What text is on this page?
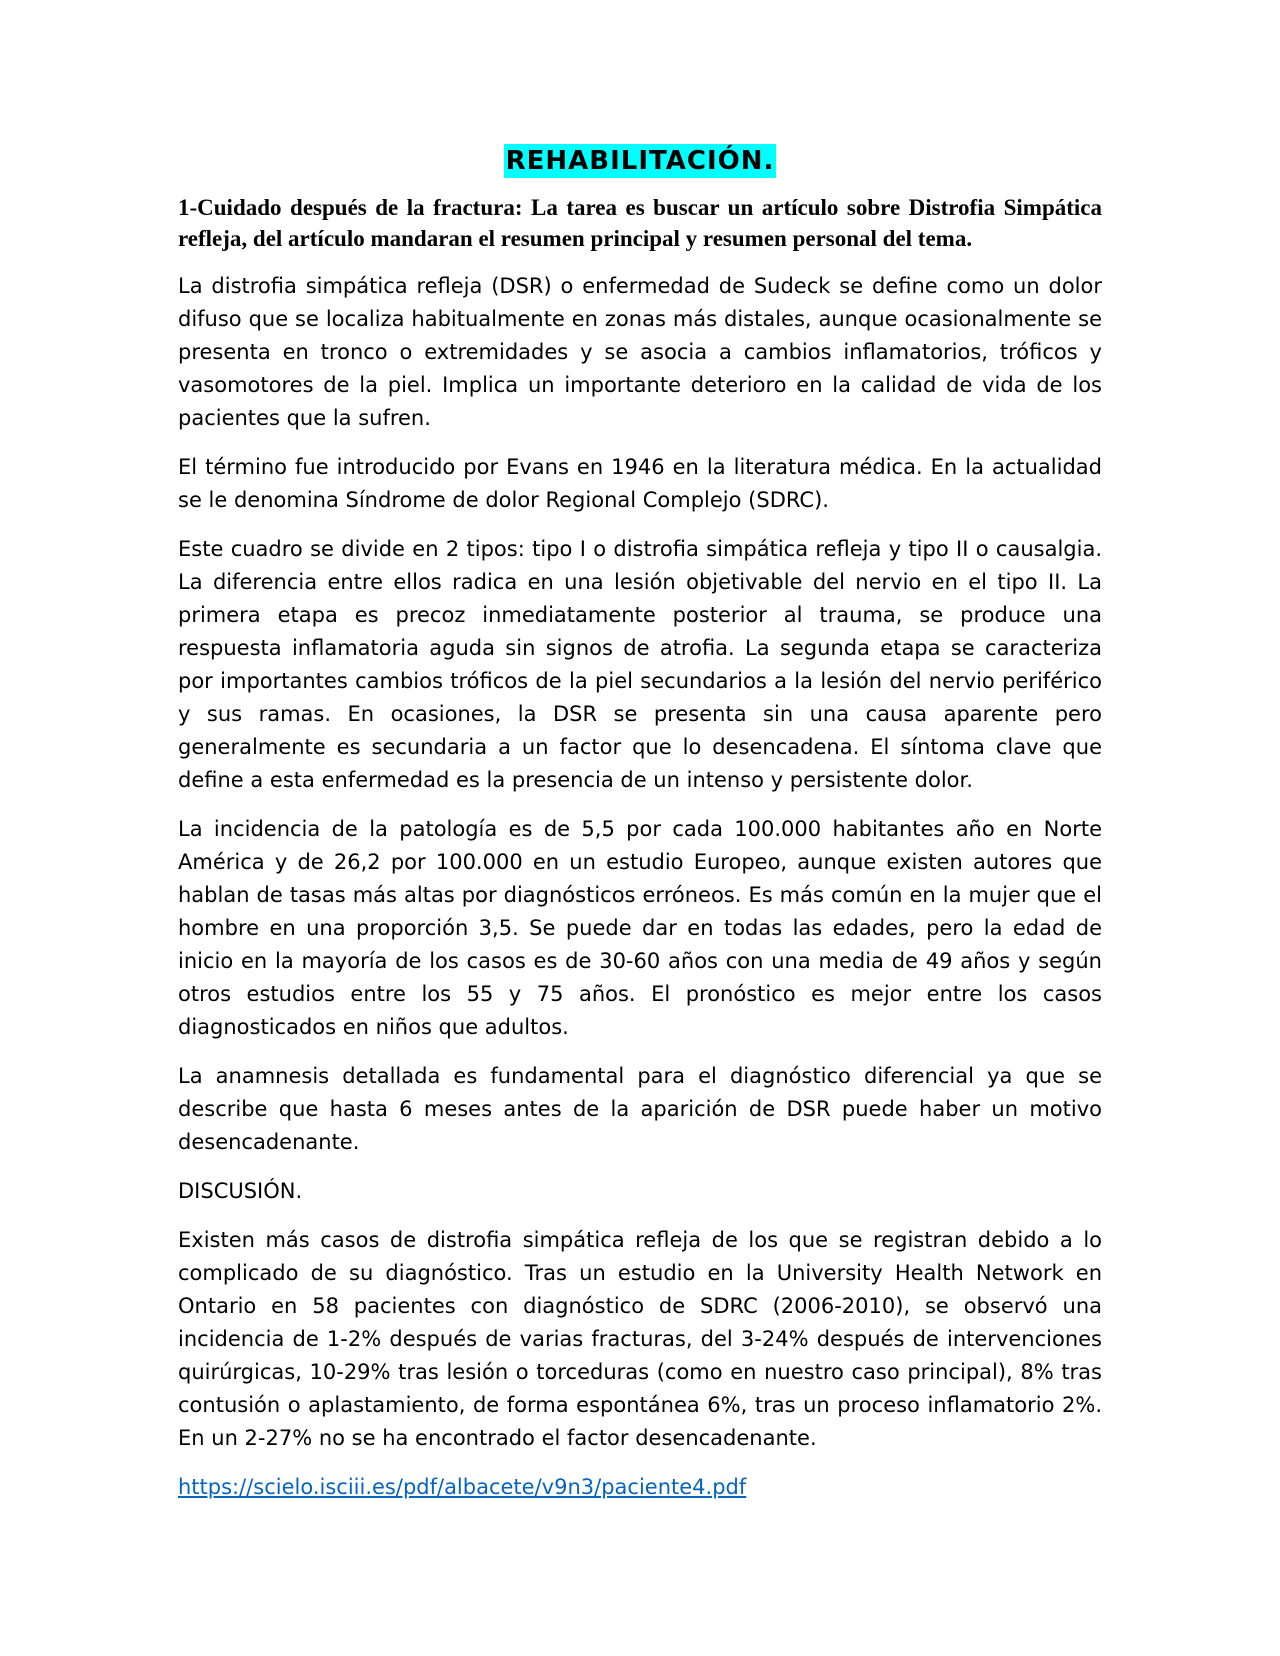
REHABILITACIÓN.

1-Cuidado después de la fractura: La tarea es buscar un artículo sobre Distrofia Simpática refleja, del artículo mandaran el resumen principal y resumen personal del tema.

La distrofia simpática refleja (DSR) o enfermedad de Sudeck se define como un dolor difuso que se localiza habitualmente en zonas más distales, aunque ocasionalmente se presenta en tronco o extremidades y se asocia a cambios inflamatorios, tróficos y vasomotores de la piel. Implica un importante deterioro en la calidad de vida de los pacientes que la sufren.

El término fue introducido por Evans en 1946 en la literatura médica. En la actualidad se le denomina Síndrome de dolor Regional Complejo (SDRC).

Este cuadro se divide en 2 tipos: tipo I o distrofia simpática refleja y tipo II o causalgia. La diferencia entre ellos radica en una lesión objetivable del nervio en el tipo II. La primera etapa es precoz inmediatamente posterior al trauma, se produce una respuesta inflamatoria aguda sin signos de atrofia. La segunda etapa se caracteriza por importantes cambios tróficos de la piel secundarios a la lesión del nervio periférico y sus ramas. En ocasiones, la DSR se presenta sin una causa aparente pero generalmente es secundaria a un factor que lo desencadena. El síntoma clave que define a esta enfermedad es la presencia de un intenso y persistente dolor.

La incidencia de la patología es de 5,5 por cada 100.000 habitantes año en Norte América y de 26,2 por 100.000 en un estudio Europeo, aunque existen autores que hablan de tasas más altas por diagnósticos erróneos. Es más común en la mujer que el hombre en una proporción 3,5. Se puede dar en todas las edades, pero la edad de inicio en la mayoría de los casos es de 30-60 años con una media de 49 años y según otros estudios entre los 55 y 75 años. El pronóstico es mejor entre los casos diagnosticados en niños que adultos.

La anamnesis detallada es fundamental para el diagnóstico diferencial ya que se describe que hasta 6 meses antes de la aparición de DSR puede haber un motivo desencadenante.

DISCUSIÓN.

Existen más casos de distrofia simpática refleja de los que se registran debido a lo complicado de su diagnóstico. Tras un estudio en la University Health Network en Ontario en 58 pacientes con diagnóstico de SDRC (2006-2010), se observó una incidencia de 1-2% después de varias fracturas, del 3-24% después de intervenciones quirúrgicas, 10-29% tras lesión o torceduras (como en nuestro caso principal), 8% tras contusión o aplastamiento, de forma espontánea 6%, tras un proceso inflamatorio 2%. En un 2-27% no se ha encontrado el factor desencadenante.

https://scielo.isciii.es/pdf/albacete/v9n3/paciente4.pdf
